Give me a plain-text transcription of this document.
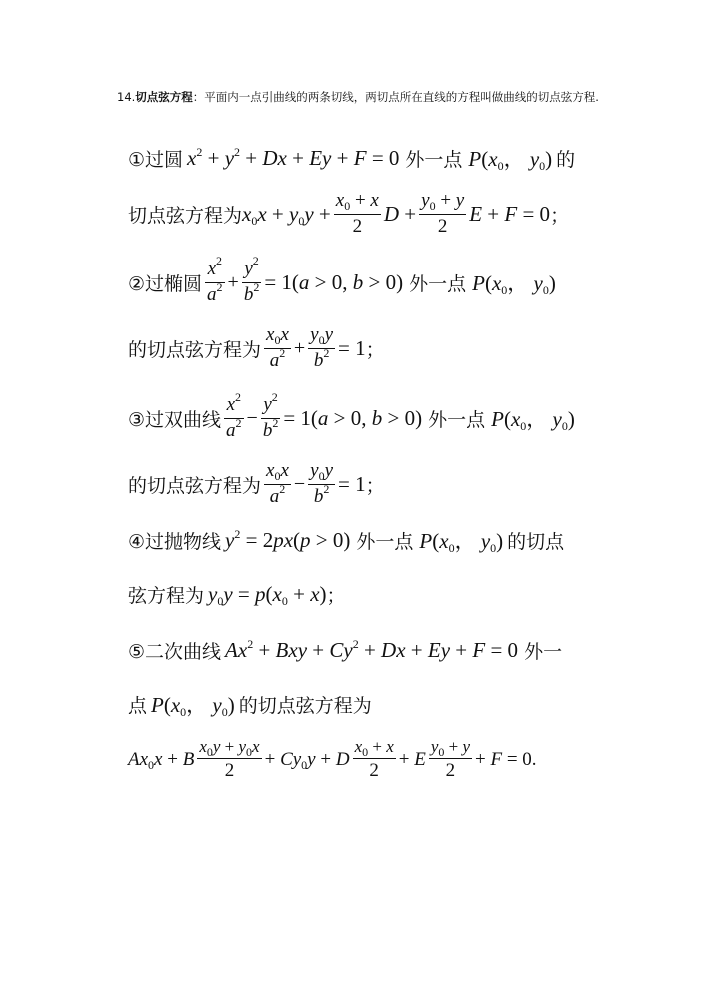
14.切点弦方程：平面内一点引曲线的两条切线，两切点所在直线的方程叫做曲线的切点弦方程.
①过圆 $x^2 + y^2 + Dx + Ey + F = 0$ 外一点 $P(x_0$， $y_0$) 的
切点弦方程为 $x_0x + y_0y + \frac{x_0 + x}{2}$ $D + \frac{y_0 + y}{2}$ E + F = 0 ；
②过椭圆 $\frac{x^2}{a^2} + \frac{y^2}{b^2} = 1(a > 0$, b > 0) 外一点 $P(x_0$， $y_0$)
的切点弦方程为 $\frac{x_0x}{a^2} + \frac{y_0y}{b^2} = 1$ ；
③过双曲线 $\frac{x^2}{a^2} - \frac{y^2}{b^2} = 1(a > 0$, b > 0) 外一点 $P(x_0$， $y_0$)
的切点弦方程为 $\frac{x_0x}{a^2} - \frac{y_0y}{b^2} = 1$ ；
④过抛物线 $y^2 = 2px(p > 0)$ 外一点 $P(x_0$， $y_0$) 的切点
弦方程为 $y_0y = p(x_0 + x)$ ；
⑤二次曲线 $Ax^2$ + Bxy + $Cy^2 + Dx + Ey + F = 0$ 外一
点 $P(x_0$， $y_0$) 的切点弦方程为
$Ax_0x + B \frac{x_0y + y_0x}{2} + Cy_0y + D \frac{x_0 + x}{2} + E \frac{y_0 + y}{2} + F = 0$.
